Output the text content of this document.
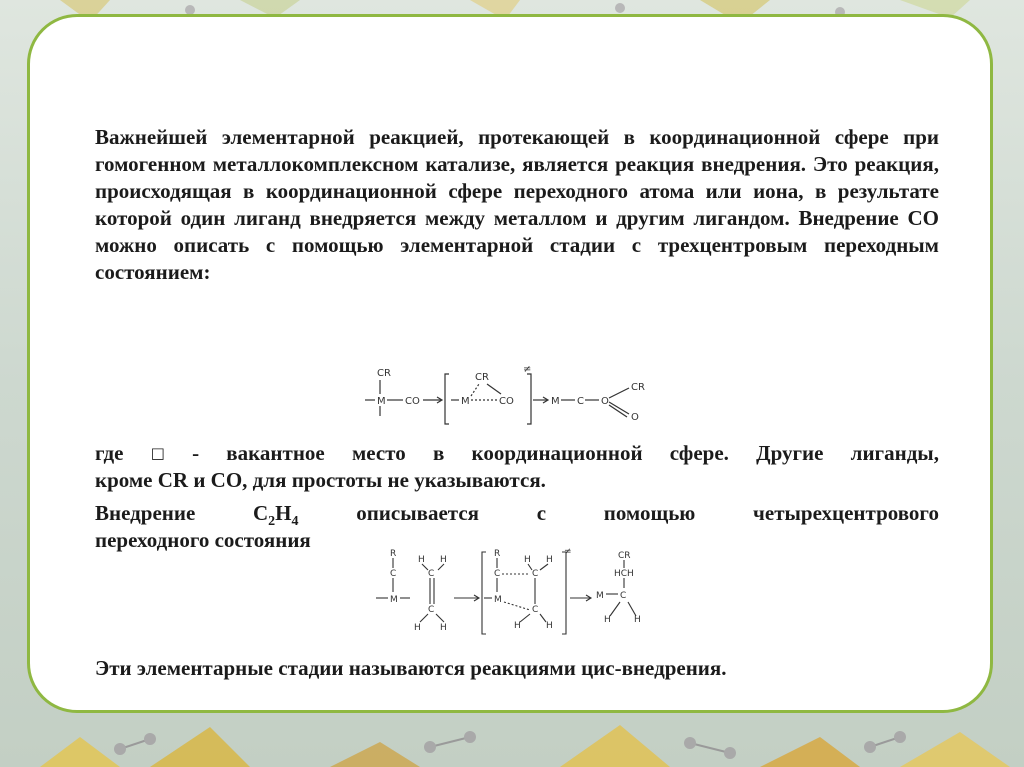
Важнейшей элементарной реакцией, протекающей в координационной сфере при гомогенном металлокомплексном катализе, является реакция внедрения. Это реакция, происходящая в координационной сфере переходного атома или иона, в результате которой один лиганд внедряется между металлом и другим лигандом. Внедрение CO можно описать с помощью элементарной стадии с трехцентровым переходным состоянием:
CR
M CO
CR
M	CO
≠
M C O
CR
O
где □ - вакантное место в координационной сфере. Другие лиганды,
кроме CR и CO, для простоты не указываются.
Внедрение	$C_2H_4$	описывается	с	помощью	четырехцентрового
переходного состояния
R
C
M
H H
C
C
H H
R
C
M
H H
C
C
H	H
≠	CR
HCH
M C
H	H
Эти элементарные стадии называются реакциями цис-внедрения.
